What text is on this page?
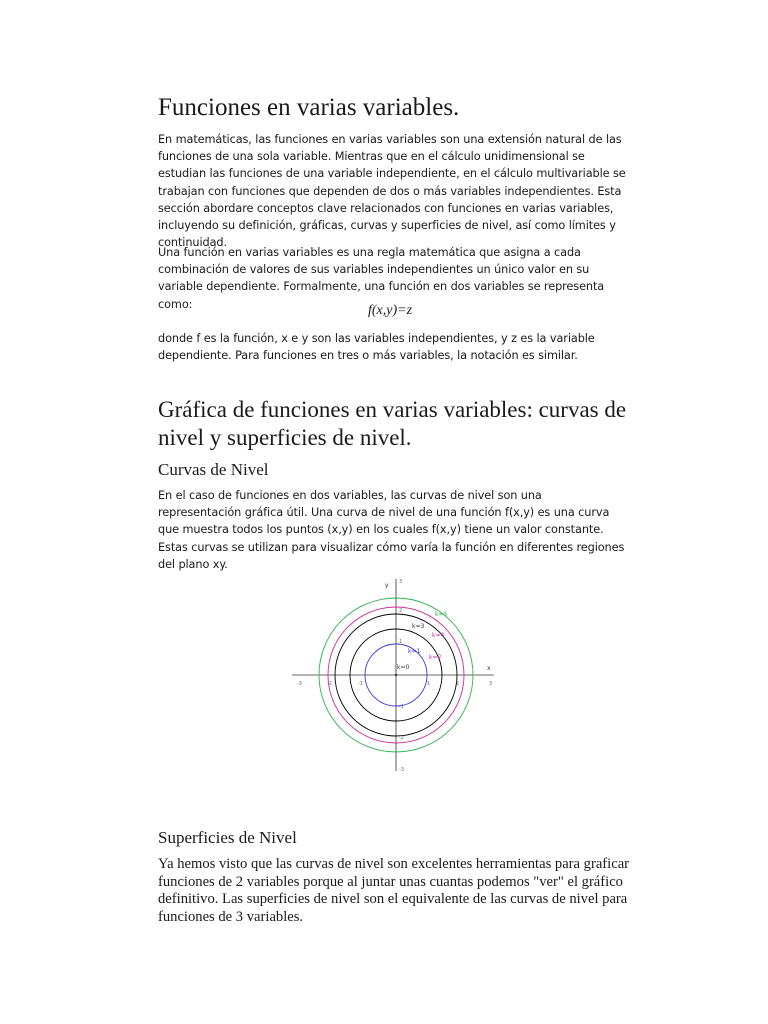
Funciones en varias variables.

En matemáticas, las funciones en varias variables son una extensión natural de las funciones de una sola variable. Mientras que en el cálculo unidimensional se estudian las funciones de una variable independiente, en el cálculo multivariable se trabajan con funciones que dependen de dos o más variables independientes. Esta sección abordare conceptos clave relacionados con funciones en varias variables, incluyendo su definición, gráficas, curvas y superficies de nivel, así como límites y continuidad.

Una función en varias variables es una regla matemática que asigna a cada combinación de valores de sus variables independientes un único valor en su variable dependiente. Formalmente, una función en dos variables se representa como:	f(x,y)=z

donde f es la función, x e y son las variables independientes, y z es la variable dependiente. Para funciones en tres o más variables, la notación es similar.

Gráfica de funciones en varias variables: curvas de nivel y superficies de nivel.
Curvas de Nivel

En el caso de funciones en dos variables, las curvas de nivel son una representación gráfica útil. Una curva de nivel de una función f(x,y) es una curva que muestra todos los puntos (x,y) en los cuales f(x,y) tiene un valor constante. Estas curvas se utilizan para visualizar cómo varía la función en diferentes regiones del plano xy.

y
x
-3	-2	-1	1	2	3
3
2
1
-1
-2
-3
k=0
k=1
k=2
k=3
k=4
k=5
Superficies de Nivel

Ya hemos visto que las curvas de nivel son excelentes herramientas para graficar funciones de 2 variables porque al juntar unas cuantas podemos "ver" el gráfico definitivo. Las superficies de nivel son el equivalente de las curvas de nivel para funciones de 3 variables.
